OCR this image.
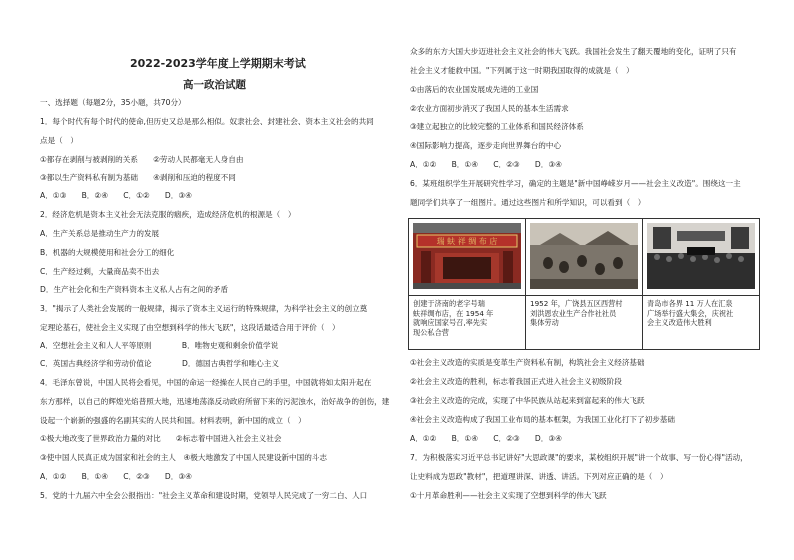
2022-2023学年度上学期期末考试
高一政治试题
一、选择题（每题2分，35小题，共70分）
1．每个时代有每个时代的使命,但历史又总是那么相似。奴隶社会、封建社会、资本主义社会的共同
点是（　）
①都存在剥削与被剥削的关系　　②劳动人民都毫无人身自由
③都以生产资料私有制为基础　　④剥削和压迫的程度不同
A．①③　　B．②④　　C．①②　　D．③④
2．经济危机是资本主义社会无法克服的痼疾，造成经济危机的根源是（　）
A．生产关系总是推动生产力的发展
B．机器的大规模使用和社会分工的细化
C．生产经过剩，大量商品卖不出去
D．生产社会化和生产资料资本主义私人占有之间的矛盾
3．"揭示了人类社会发展的一般规律，揭示了资本主义运行的特殊规律，为科学社会主义的创立奠
定理论基石，使社会主义实现了由空想到科学的伟大飞跃"，这段话最适合用于评价（　）
A．空想社会主义和人人平等原则　　　　B．唯物史观和剩余价值学说
C．英国古典经济学和劳动价值论　　　　D．德国古典哲学和唯心主义
4．毛泽东曾说，中国人民将会看见，中国的命运一经操在人民自己的手里，中国就将如太阳升起在
东方那样，以自己的辉煌光焰普照大地，迅速地荡涤反动政府所留下来的污泥浊水，治好战争的创伤，建
设起一个崭新的强盛的名副其实的人民共和国。材料表明，新中国的成立（　）
①极大地改变了世界政治力量的对比　　②标志着中国进入社会主义社会
③使中国人民真正成为国家和社会的主人　④极大地激发了中国人民建设新中国的斗志
A．①②　　B．①④　　C．②③　　D．③④
5．党的十九届六中全会公报指出："社会主义革命和建设时期，党领导人民完成了一穷二白、人口
众多的东方大国大步迈进社会主义社会的伟大飞跃。我国社会发生了翻天覆地的变化，证明了只有
社会主义才能救中国。"下列属于这一时期我国取得的成就是（　）
①由落后的农业国发展成先进的工业国
②农业方面初步消灭了我国人民的基本生活需求
③建立起独立的比较完整的工业体系和国民经济体系
④国际影响力提高，逐步走向世界舞台的中心
A．①②　　B．①④　　C．②③　　D．③④
6．某班组织学生开展研究性学习，确定的主题是"新中国峥嵘岁月——社会主义改造"。围绕这一主
题同学们共享了一组图片。通过这些图片和所学知识，可以看到（　）
①社会主义改造的实质是变革生产资料私有制，构筑社会主义经济基础
②社会主义改造的胜利，标志着我国正式进入社会主义初级阶段
③社会主义改造的完成，实现了中华民族从站起来到富起来的伟大飞跃
④社会主义改造构成了我国工业布局的基本框架，为我国工业化打下了初步基础
A．①②　　B．①④　　C．②③　　D．③④
7．为积极落实习近平总书记讲好"大思政课"的要求，某校组织开展"讲一个故事、写一份心得"活动，
让史料成为思政"教材"，把道理讲深、讲透、讲活。下列对应正确的是（　）
①十月革命胜利——社会主义实现了空想到科学的伟大飞跃
瑞 蚨 祥 绸 布 店
创建于济南的老字号瑞
蚨祥绸布店，在 1954 年
就响应国家号召,率先实
现公私合营
1952 年，广饶县五区西营村
刘洪恩农业生产合作社社员
集体劳动
青岛市各界 11 万人在汇泉
广场举行盛大集会，庆祝社
会主义改造伟大胜利
